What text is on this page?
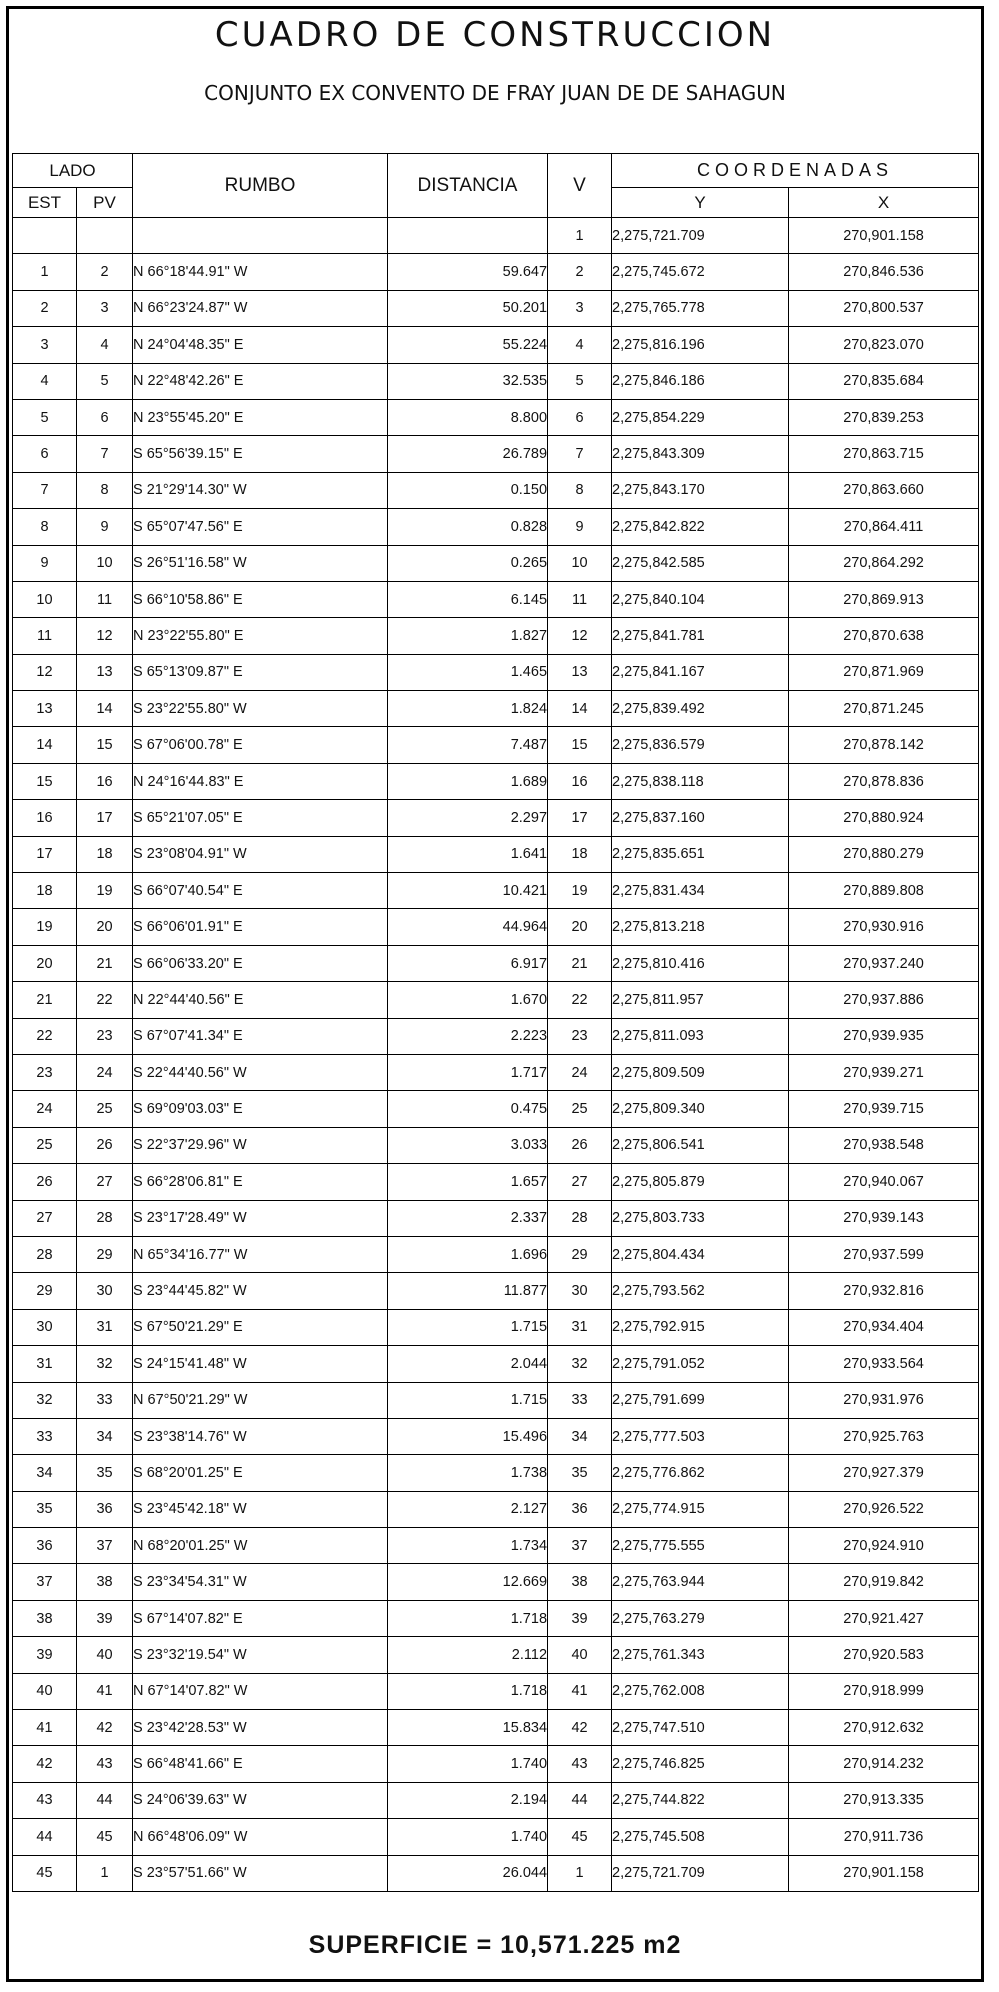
CUADRO DE CONSTRUCCION
CONJUNTO EX CONVENTO DE FRAY JUAN DE DE SAHAGUN
LADO		RUMBO	DISTANCIA	V	COORDENADAS	
EST	PV				Y	X
				1	2,275,721.709	270,901.158
1	2	N 66°18'44.91" W	59.647	2	2,275,745.672	270,846.536
2	3	N 66°23'24.87" W	50.201	3	2,275,765.778	270,800.537
3	4	N 24°04'48.35" E	55.224	4	2,275,816.196	270,823.070
4	5	N 22°48'42.26" E	32.535	5	2,275,846.186	270,835.684
5	6	N 23°55'45.20" E	8.800	6	2,275,854.229	270,839.253
6	7	S 65°56'39.15" E	26.789	7	2,275,843.309	270,863.715
7	8	S 21°29'14.30" W	0.150	8	2,275,843.170	270,863.660
8	9	S 65°07'47.56" E	0.828	9	2,275,842.822	270,864.411
9	10	S 26°51'16.58" W	0.265	10	2,275,842.585	270,864.292
10	11	S 66°10'58.86" E	6.145	11	2,275,840.104	270,869.913
11	12	N 23°22'55.80" E	1.827	12	2,275,841.781	270,870.638
12	13	S 65°13'09.87" E	1.465	13	2,275,841.167	270,871.969
13	14	S 23°22'55.80" W	1.824	14	2,275,839.492	270,871.245
14	15	S 67°06'00.78" E	7.487	15	2,275,836.579	270,878.142
15	16	N 24°16'44.83" E	1.689	16	2,275,838.118	270,878.836
16	17	S 65°21'07.05" E	2.297	17	2,275,837.160	270,880.924
17	18	S 23°08'04.91" W	1.641	18	2,275,835.651	270,880.279
18	19	S 66°07'40.54" E	10.421	19	2,275,831.434	270,889.808
19	20	S 66°06'01.91" E	44.964	20	2,275,813.218	270,930.916
20	21	S 66°06'33.20" E	6.917	21	2,275,810.416	270,937.240
21	22	N 22°44'40.56" E	1.670	22	2,275,811.957	270,937.886
22	23	S 67°07'41.34" E	2.223	23	2,275,811.093	270,939.935
23	24	S 22°44'40.56" W	1.717	24	2,275,809.509	270,939.271
24	25	S 69°09'03.03" E	0.475	25	2,275,809.340	270,939.715
25	26	S 22°37'29.96" W	3.033	26	2,275,806.541	270,938.548
26	27	S 66°28'06.81" E	1.657	27	2,275,805.879	270,940.067
27	28	S 23°17'28.49" W	2.337	28	2,275,803.733	270,939.143
28	29	N 65°34'16.77" W	1.696	29	2,275,804.434	270,937.599
29	30	S 23°44'45.82" W	11.877	30	2,275,793.562	270,932.816
30	31	S 67°50'21.29" E	1.715	31	2,275,792.915	270,934.404
31	32	S 24°15'41.48" W	2.044	32	2,275,791.052	270,933.564
32	33	N 67°50'21.29" W	1.715	33	2,275,791.699	270,931.976
33	34	S 23°38'14.76" W	15.496	34	2,275,777.503	270,925.763
34	35	S 68°20'01.25" E	1.738	35	2,275,776.862	270,927.379
35	36	S 23°45'42.18" W	2.127	36	2,275,774.915	270,926.522
36	37	N 68°20'01.25" W	1.734	37	2,275,775.555	270,924.910
37	38	S 23°34'54.31" W	12.669	38	2,275,763.944	270,919.842
38	39	S 67°14'07.82" E	1.718	39	2,275,763.279	270,921.427
39	40	S 23°32'19.54" W	2.112	40	2,275,761.343	270,920.583
40	41	N 67°14'07.82" W	1.718	41	2,275,762.008	270,918.999
41	42	S 23°42'28.53" W	15.834	42	2,275,747.510	270,912.632
42	43	S 66°48'41.66" E	1.740	43	2,275,746.825	270,914.232
43	44	S 24°06'39.63" W	2.194	44	2,275,744.822	270,913.335
44	45	N 66°48'06.09" W	1.740	45	2,275,745.508	270,911.736
45	1	S 23°57'51.66" W	26.044	1	2,275,721.709	270,901.158
SUPERFICIE = 10,571.225 m2
